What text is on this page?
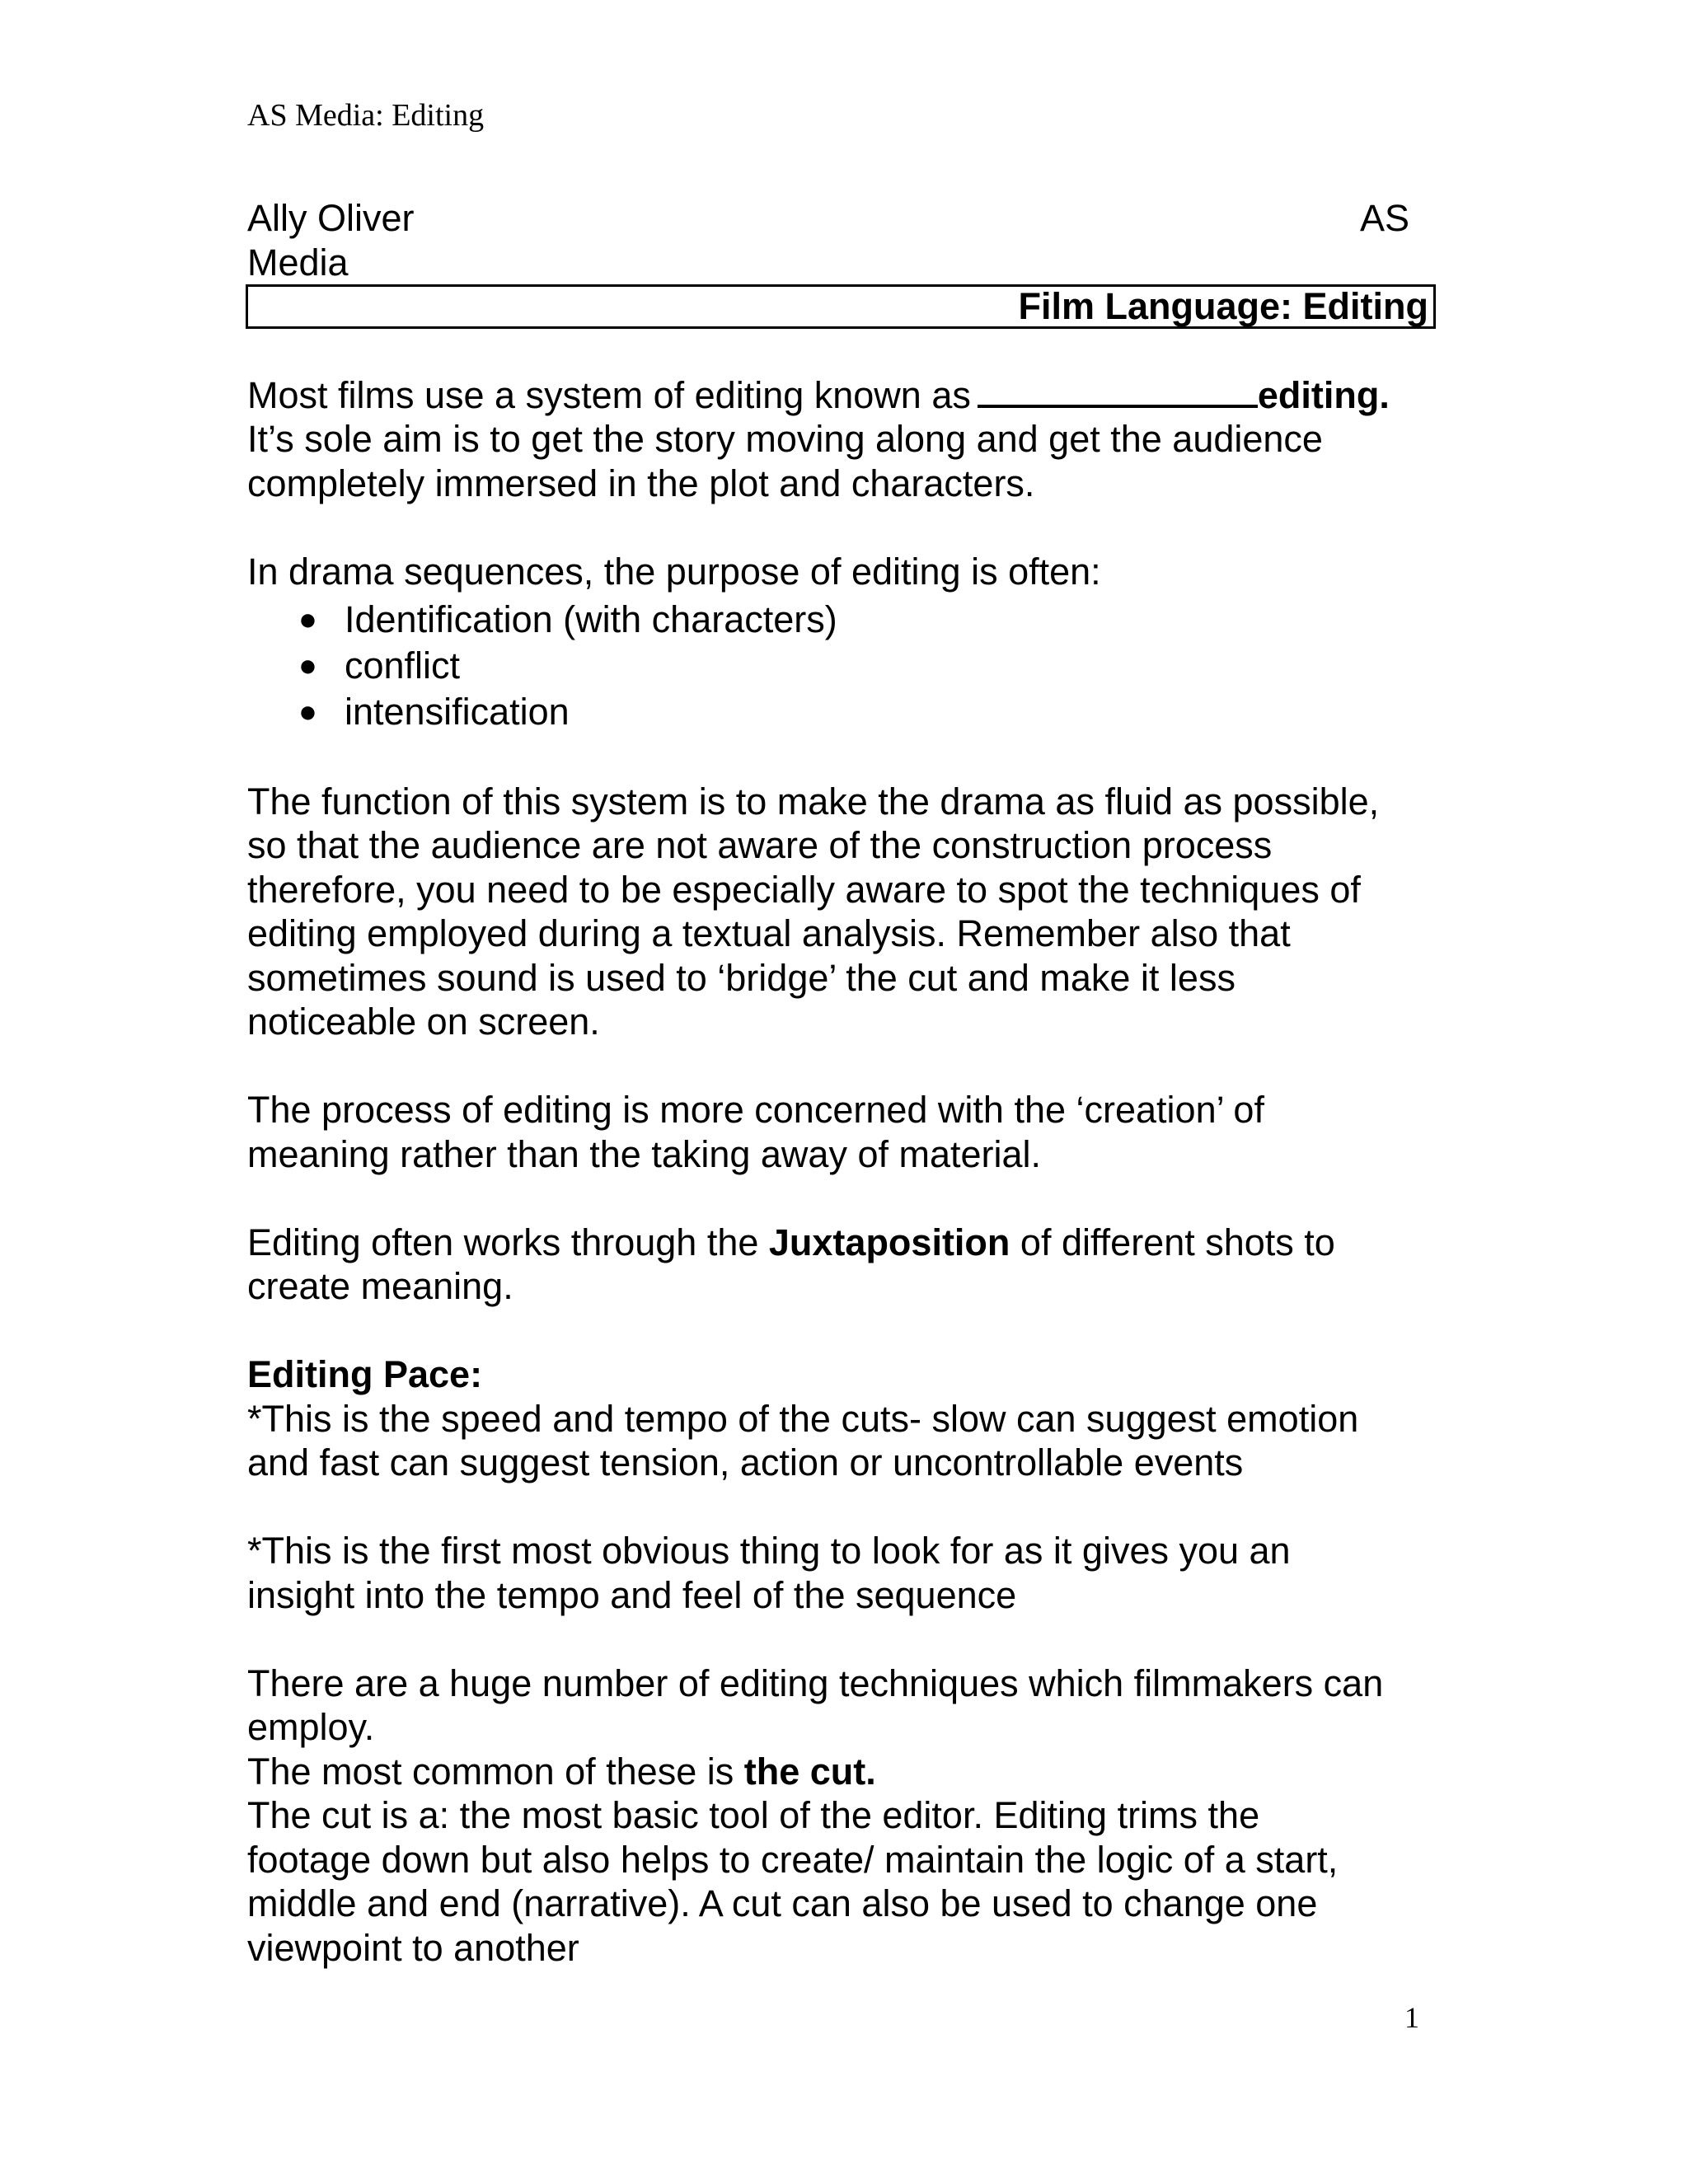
AS Media: Editing
Ally Oliver	AS
Media
Film Language: Editing

Most films use a system of editing known as	editing.
It’s sole aim is to get the story moving along and get the audience
completely immersed in the plot and characters.

In drama sequences, the purpose of editing is often:

● Identification (with characters)
● conflict
● intensification

The function of this system is to make the drama as fluid as possible,
so that the audience are not aware of the construction process
therefore, you need to be especially aware to spot the techniques of
editing employed during a textual analysis. Remember also that
sometimes sound is used to ‘bridge’ the cut and make it less
noticeable on screen.

The process of editing is more concerned with the ‘creation’ of
meaning rather than the taking away of material.

Editing often works through the Juxtaposition of different shots to
create meaning.

Editing Pace:

*This is the speed and tempo of the cuts- slow can suggest emotion
and fast can suggest tension, action or uncontrollable events

*This is the first most obvious thing to look for as it gives you an
insight into the tempo and feel of the sequence

There are a huge number of editing techniques which filmmakers can
employ.
The most common of these is the cut.
The cut is a: the most basic tool of the editor. Editing trims the
footage down but also helps to create/ maintain the logic of a start,
middle and end (narrative). A cut can also be used to change one
viewpoint to another

1
